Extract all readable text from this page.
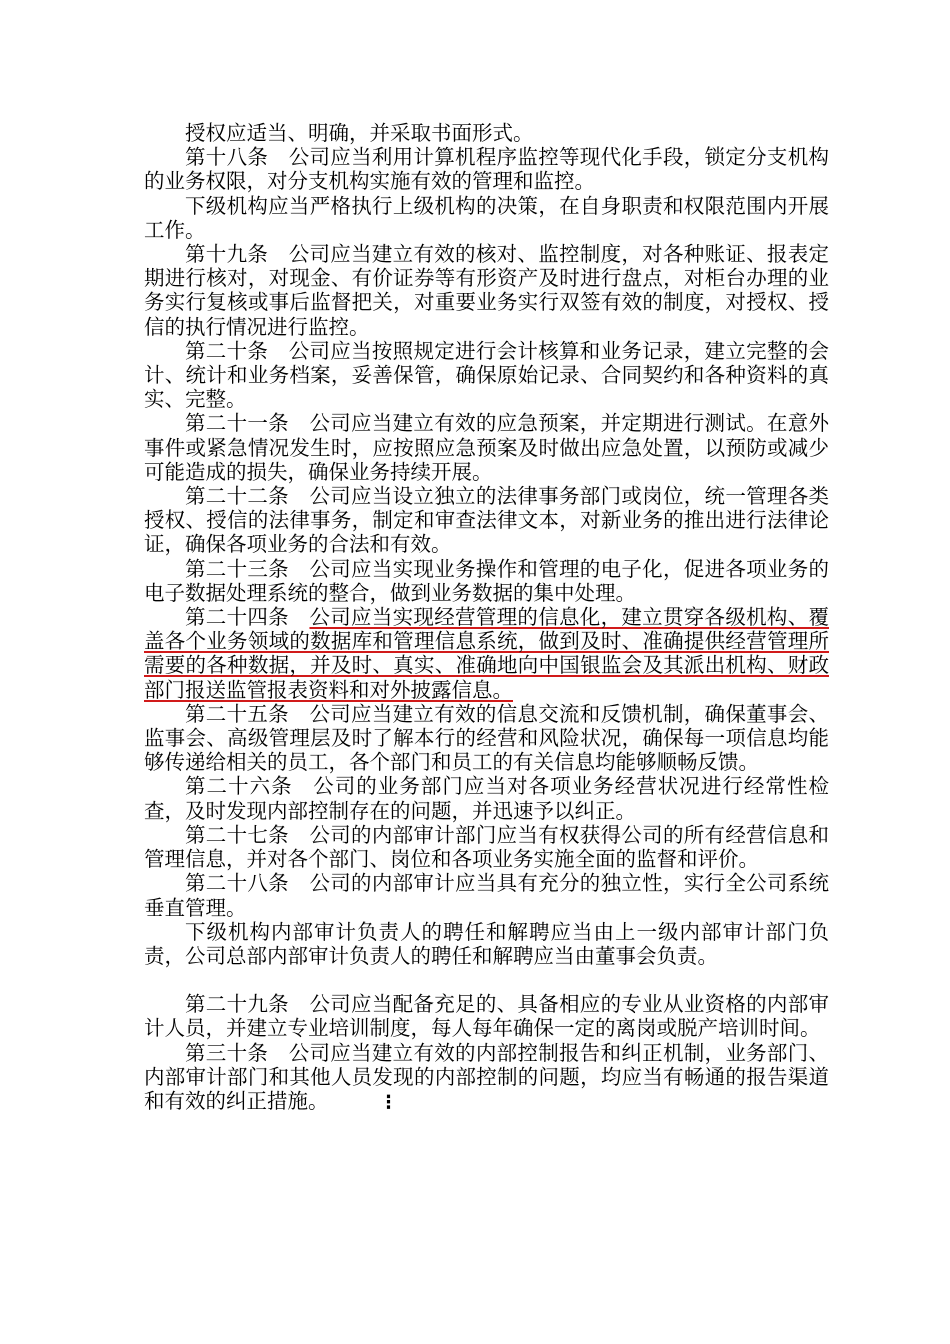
授权应适当、明确，并采取书面形式。

第十八条 公司应当利用计算机程序监控等现代化手段，锁定分支机构的业务权限，对分支机构实施有效的管理和监控。

下级机构应当严格执行上级机构的决策，在自身职责和权限范围内开展工作。

第十九条 公司应当建立有效的核对、监控制度，对各种账证、报表定期进行核对，对现金、有价证券等有形资产及时进行盘点，对柜台办理的业务实行复核或事后监督把关，对重要业务实行双签有效的制度，对授权、授信的执行情况进行监控。

第二十条 公司应当按照规定进行会计核算和业务记录，建立完整的会计、统计和业务档案，妥善保管，确保原始记录、合同契约和各种资料的真实、完整。

第二十一条 公司应当建立有效的应急预案，并定期进行测试。在意外事件或紧急情况发生时，应按照应急预案及时做出应急处置，以预防或减少可能造成的损失，确保业务持续开展。

第二十二条 公司应当设立独立的法律事务部门或岗位，统一管理各类授权、授信的法律事务，制定和审查法律文本，对新业务的推出进行法律论证，确保各项业务的合法和有效。

第二十三条 公司应当实现业务操作和管理的电子化，促进各项业务的电子数据处理系统的整合，做到业务数据的集中处理。

第二十四条 公司应当实现经营管理的信息化，建立贯穿各级机构、覆盖各个业务领域的数据库和管理信息系统，做到及时、准确提供经营管理所需要的各种数据，并及时、真实、准确地向中国银监会及其派出机构、财政部门报送监管报表资料和对外披露信息。

第二十五条 公司应当建立有效的信息交流和反馈机制，确保董事会、监事会、高级管理层及时了解本行的经营和风险状况，确保每一项信息均能够传递给相关的员工，各个部门和员工的有关信息均能够顺畅反馈。

第二十六条 公司的业务部门应当对各项业务经营状况进行经常性检查，及时发现内部控制存在的问题，并迅速予以纠正。

第二十七条 公司的内部审计部门应当有权获得公司的所有经营信息和管理信息，并对各个部门、岗位和各项业务实施全面的监督和评价。

第二十八条 公司的内部审计应当具有充分的独立性，实行全公司系统垂直管理。

下级机构内部审计负责人的聘任和解聘应当由上一级内部审计部门负责，公司总部内部审计负责人的聘任和解聘应当由董事会负责。

第二十九条 公司应当配备充足的、具备相应的专业从业资格的内部审计人员，并建立专业培训制度，每人每年确保一定的离岗或脱产培训时间。

第三十条 公司应当建立有效的内部控制报告和纠正机制，业务部门、内部审计部门和其他人员发现的内部控制的问题，均应当有畅通的报告渠道和有效的纠正措施。	⋮
